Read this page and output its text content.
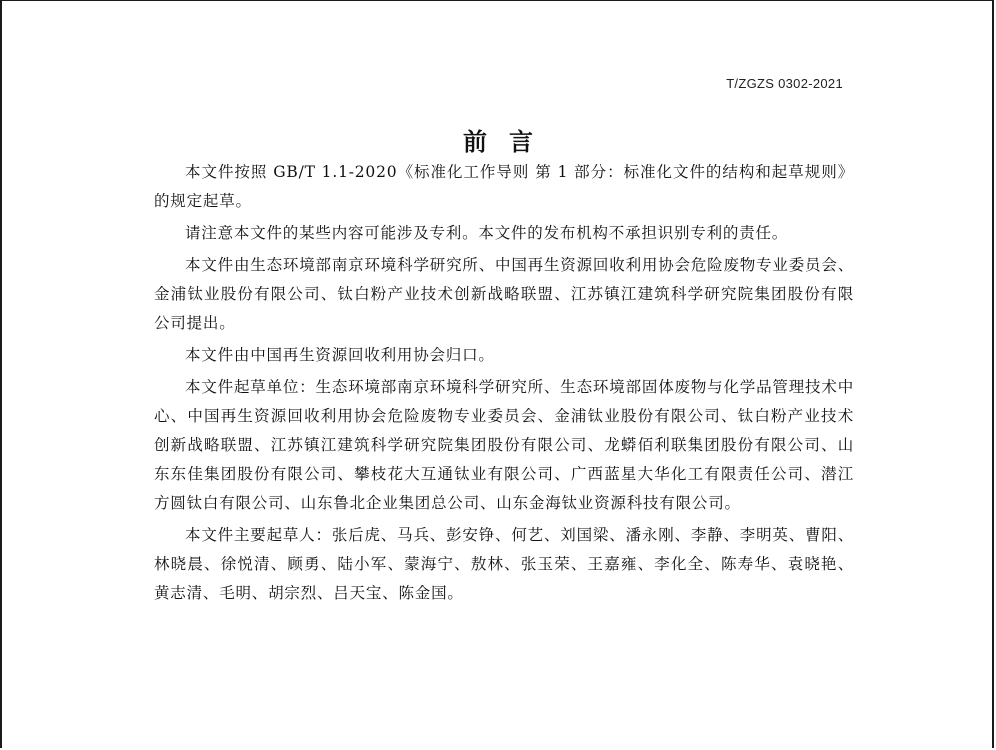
T/ZGZS 0302-2021
前言

本文件按照 GB/T 1.1-2020《标准化工作导则 第 1 部分：标准化文件的结构和起草规则》的规定起草。

请注意本文件的某些内容可能涉及专利。本文件的发布机构不承担识别专利的责任。

本文件由生态环境部南京环境科学研究所、中国再生资源回收利用协会危险废物专业委员会、金浦钛业股份有限公司、钛白粉产业技术创新战略联盟、江苏镇江建筑科学研究院集团股份有限公司提出。

本文件由中国再生资源回收利用协会归口。

本文件起草单位：生态环境部南京环境科学研究所、生态环境部固体废物与化学品管理技术中心、中国再生资源回收利用协会危险废物专业委员会、金浦钛业股份有限公司、钛白粉产业技术创新战略联盟、江苏镇江建筑科学研究院集团股份有限公司、龙蟒佰利联集团股份有限公司、山东东佳集团股份有限公司、攀枝花大互通钛业有限公司、广西蓝星大华化工有限责任公司、潜江方圆钛白有限公司、山东鲁北企业集团总公司、山东金海钛业资源科技有限公司。

本文件主要起草人：张后虎、马兵、彭安铮、何艺、刘国梁、潘永刚、李静、李明英、曹阳、林晓晨、徐悦清、顾勇、陆小军、蒙海宁、敖林、张玉荣、王嘉雍、李化全、陈寿华、袁晓艳、黄志清、毛明、胡宗烈、吕天宝、陈金国。
